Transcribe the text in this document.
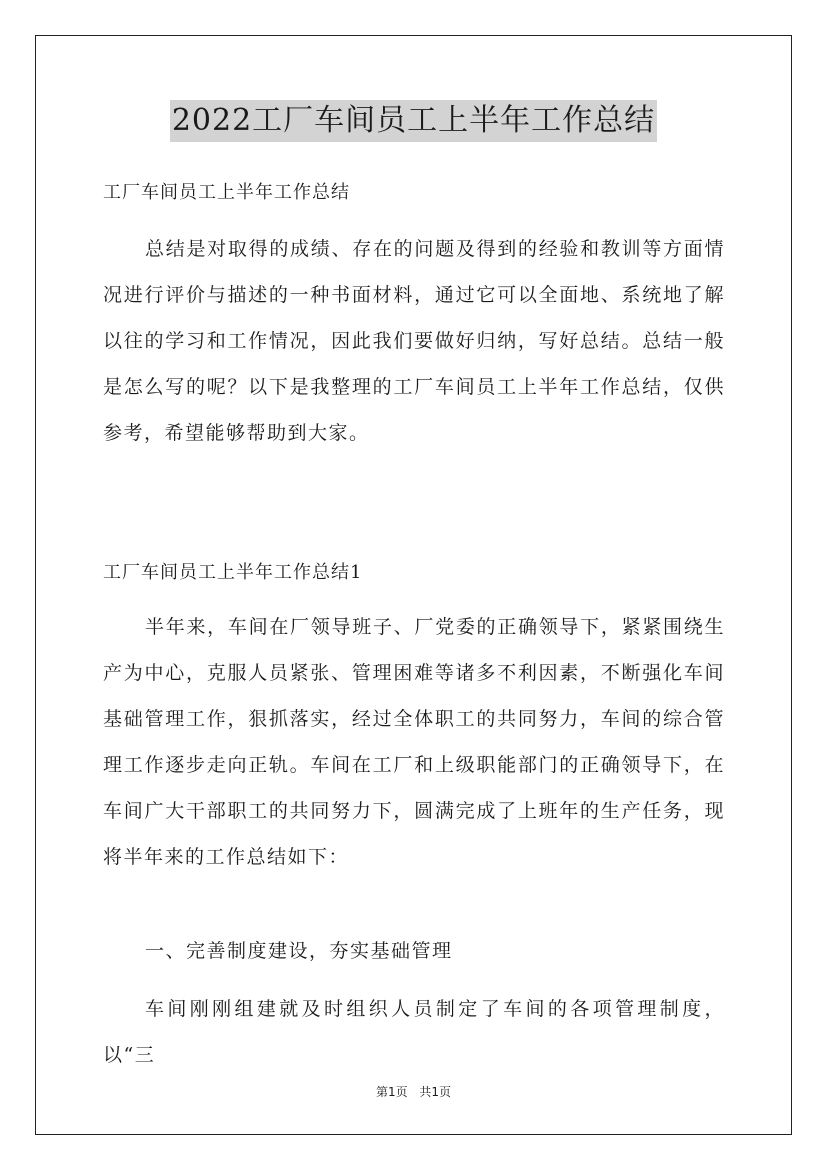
2022工厂车间员工上半年工作总结

工厂车间员工上半年工作总结

总结是对取得的成绩、存在的问题及得到的经验和教训等方面情况进行评价与描述的一种书面材料，通过它可以全面地、系统地了解以往的学习和工作情况，因此我们要做好归纳，写好总结。总结一般是怎么写的呢？以下是我整理的工厂车间员工上半年工作总结，仅供参考，希望能够帮助到大家。

工厂车间员工上半年工作总结1

半年来，车间在厂领导班子、厂党委的正确领导下，紧紧围绕生产为中心，克服人员紧张、管理困难等诸多不利因素，不断强化车间基础管理工作，狠抓落实，经过全体职工的共同努力，车间的综合管理工作逐步走向正轨。车间在工厂和上级职能部门的正确领导下，在车间广大干部职工的共同努力下，圆满完成了上班年的生产任务，现将半年来的工作总结如下：

一、完善制度建设，夯实基础管理

车间刚刚组建就及时组织人员制定了车间的各项管理制度，以“三

第1页 共1页
